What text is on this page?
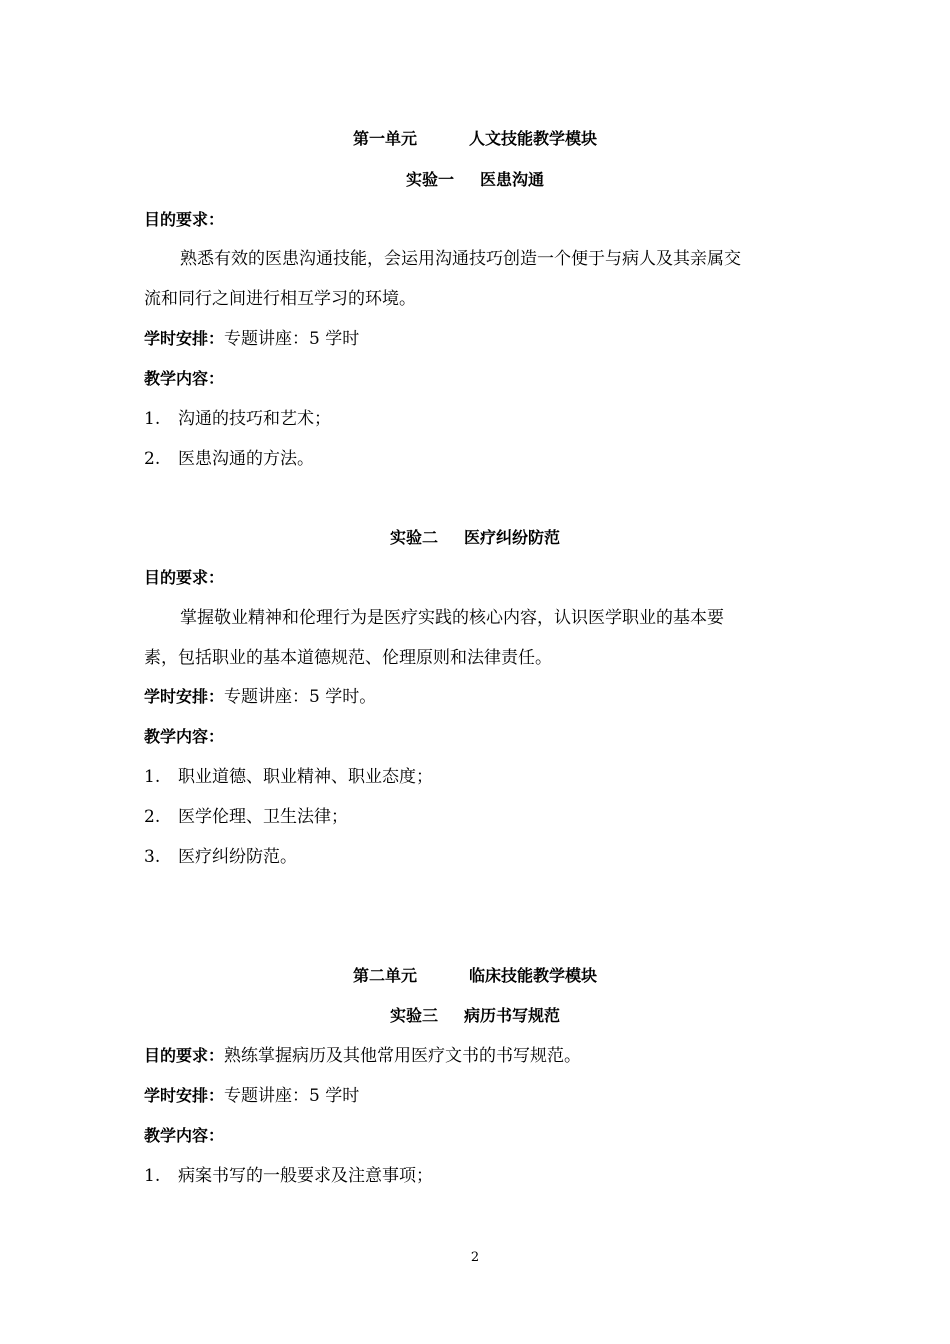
第一单元	人文技能教学模块
实验一 医患沟通
目的要求：
熟悉有效的医患沟通技能，会运用沟通技巧创造一个便于与病人及其亲属交
流和同行之间进行相互学习的环境。
学时安排：专题讲座：5 学时
教学内容：
1. 沟通的技巧和艺术；
2. 医患沟通的方法。
实验二 医疗纠纷防范
目的要求：
掌握敬业精神和伦理行为是医疗实践的核心内容，认识医学职业的基本要
素，包括职业的基本道德规范、伦理原则和法律责任。
学时安排：专题讲座：5 学时。
教学内容：
1. 职业道德、职业精神、职业态度；
2. 医学伦理、卫生法律；
3. 医疗纠纷防范。
第二单元	临床技能教学模块
实验三 病历书写规范
目的要求：熟练掌握病历及其他常用医疗文书的书写规范。
学时安排：专题讲座：5 学时
教学内容：
1. 病案书写的一般要求及注意事项；
2
